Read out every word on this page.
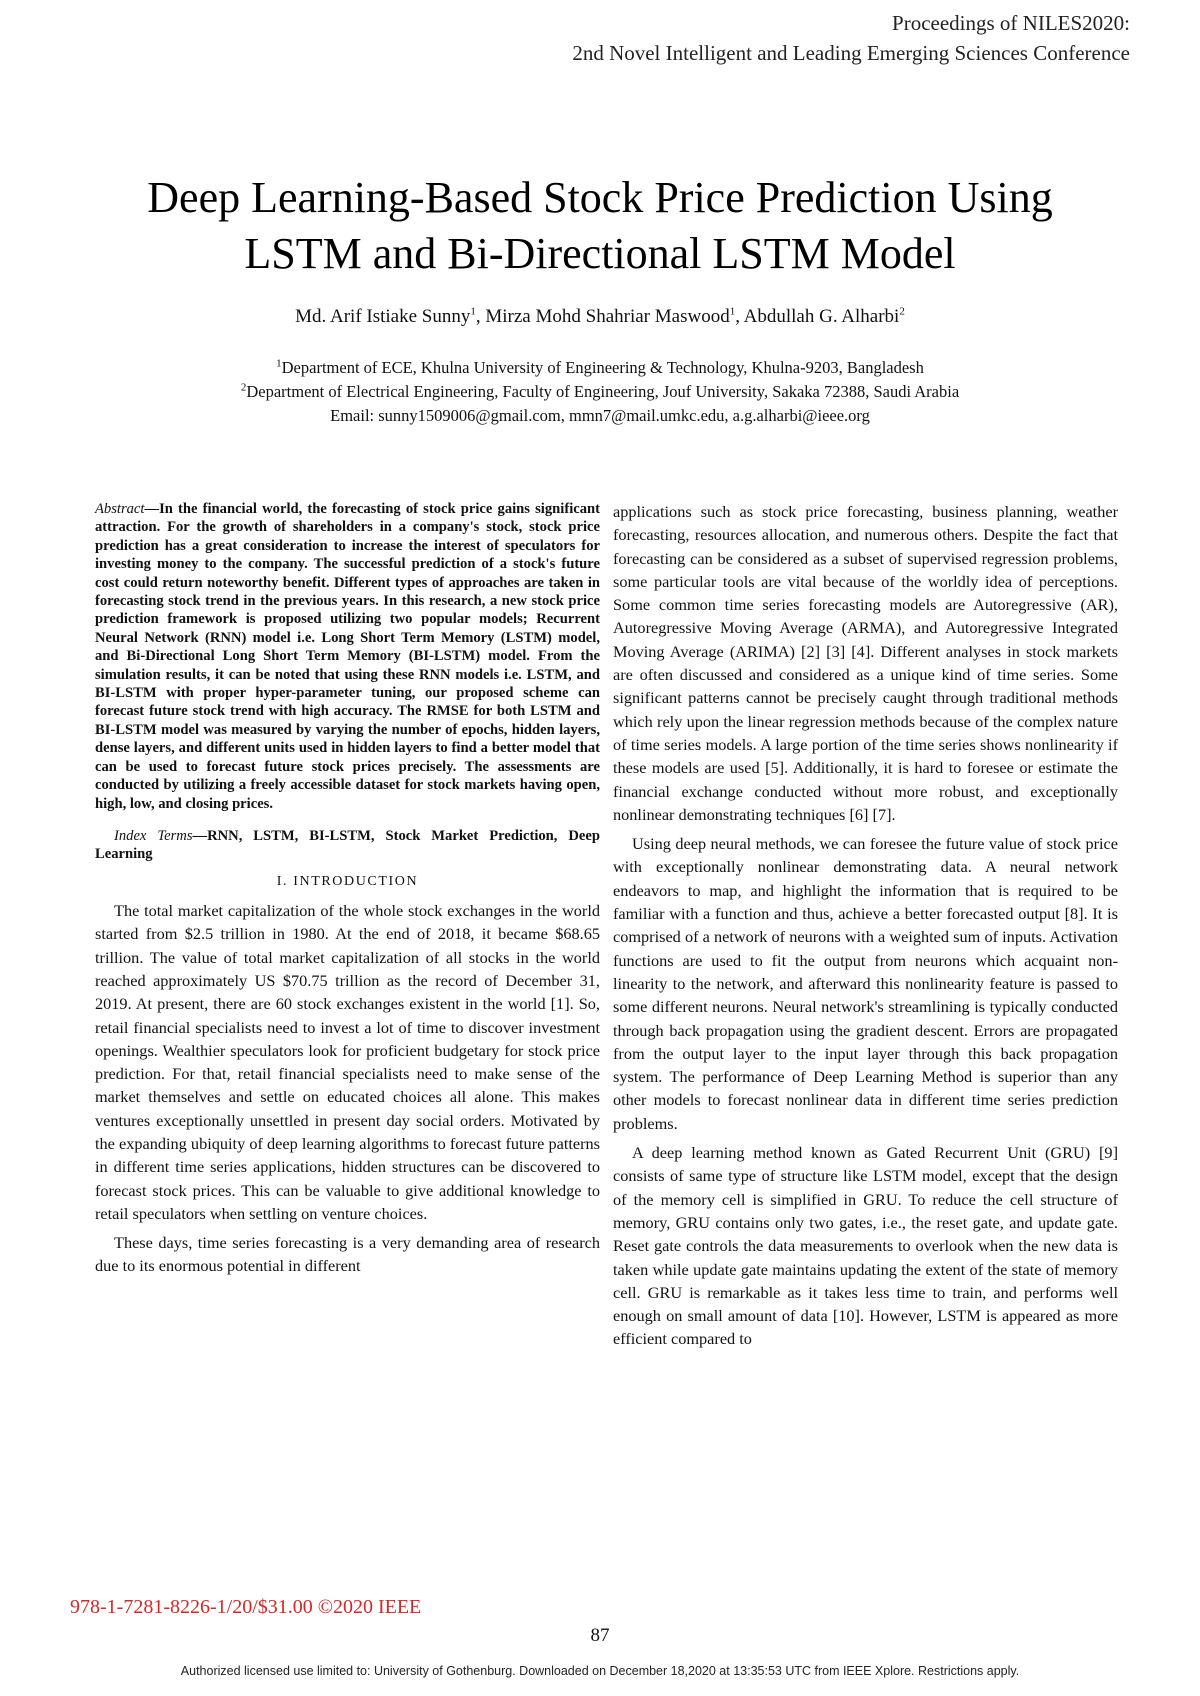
Proceedings of NILES2020:
2nd Novel Intelligent and Leading Emerging Sciences Conference
Deep Learning-Based Stock Price Prediction Using
LSTM and Bi-Directional LSTM Model
Md. Arif Istiake Sunny$^1$, Mirza Mohd Shahriar Maswood$^1$, Abdullah G. Alharbi$^2$
$^1$Department of ECE, Khulna University of Engineering & Technology, Khulna-9203, Bangladesh
$^2$Department of Electrical Engineering, Faculty of Engineering, Jouf University, Sakaka 72388, Saudi Arabia
Email: sunny1509006@gmail.com, mmn7@mail.umkc.edu, a.g.alharbi@ieee.org

Abstract—In the financial world, the forecasting of stock price gains significant attraction. For the growth of shareholders in a company's stock, stock price prediction has a great consideration to increase the interest of speculators for investing money to the company. The successful prediction of a stock's future cost could return noteworthy benefit. Different types of approaches are taken in forecasting stock trend in the previous years. In this research, a new stock price prediction framework is proposed utilizing two popular models; Recurrent Neural Network (RNN) model i.e. Long Short Term Memory (LSTM) model, and Bi-Directional Long Short Term Memory (BI-LSTM) model. From the simulation results, it can be noted that using these RNN models i.e. LSTM, and BI-LSTM with proper hyper-parameter tuning, our proposed scheme can forecast future stock trend with high accuracy. The RMSE for both LSTM and BI-LSTM model was measured by varying the number of epochs, hidden layers, dense layers, and different units used in hidden layers to find a better model that can be used to forecast future stock prices precisely. The assessments are conducted by utilizing a freely accessible dataset for stock markets having open, high, low, and closing prices.

Index Terms—RNN, LSTM, BI-LSTM, Stock Market Prediction, Deep Learning

I. INTRODUCTION

The total market capitalization of the whole stock exchanges in the world started from $2.5 trillion in 1980. At the end of 2018, it became $68.65 trillion. The value of total market capitalization of all stocks in the world reached approximately US $70.75 trillion as the record of December 31, 2019. At present, there are 60 stock exchanges existent in the world [1]. So, retail financial specialists need to invest a lot of time to discover investment openings. Wealthier speculators look for proficient budgetary for stock price prediction. For that, retail financial specialists need to make sense of the market themselves and settle on educated choices all alone. This makes ventures exceptionally unsettled in present day social orders. Motivated by the expanding ubiquity of deep learning algorithms to forecast future patterns in different time series applications, hidden structures can be discovered to forecast stock prices. This can be valuable to give additional knowledge to retail speculators when settling on venture choices.

These days, time series forecasting is a very demanding area of research due to its enormous potential in different

applications such as stock price forecasting, business planning, weather forecasting, resources allocation, and numerous others. Despite the fact that forecasting can be considered as a subset of supervised regression problems, some particular tools are vital because of the worldly idea of perceptions. Some common time series forecasting models are Autoregressive (AR), Autoregressive Moving Average (ARMA), and Autoregressive Integrated Moving Average (ARIMA) [2] [3] [4]. Different analyses in stock markets are often discussed and considered as a unique kind of time series. Some significant patterns cannot be precisely caught through traditional methods which rely upon the linear regression methods because of the complex nature of time series models. A large portion of the time series shows nonlinearity if these models are used [5]. Additionally, it is hard to foresee or estimate the financial exchange conducted without more robust, and exceptionally nonlinear demonstrating techniques [6] [7].

Using deep neural methods, we can foresee the future value of stock price with exceptionally nonlinear demonstrating data. A neural network endeavors to map, and highlight the information that is required to be familiar with a function and thus, achieve a better forecasted output [8]. It is comprised of a network of neurons with a weighted sum of inputs. Activation functions are used to fit the output from neurons which acquaint non-linearity to the network, and afterward this nonlinearity feature is passed to some different neurons. Neural network's streamlining is typically conducted through back propagation using the gradient descent. Errors are propagated from the output layer to the input layer through this back propagation system. The performance of Deep Learning Method is superior than any other models to forecast nonlinear data in different time series prediction problems.

A deep learning method known as Gated Recurrent Unit (GRU) [9] consists of same type of structure like LSTM model, except that the design of the memory cell is simplified in GRU. To reduce the cell structure of memory, GRU contains only two gates, i.e., the reset gate, and update gate. Reset gate controls the data measurements to overlook when the new data is taken while update gate maintains updating the extent of the state of memory cell. GRU is remarkable as it takes less time to train, and performs well enough on small amount of data [10]. However, LSTM is appeared as more efficient compared to

978-1-7281-8226-1/20/$31.00 ©2020 IEEE
87
Authorized licensed use limited to: University of Gothenburg. Downloaded on December 18,2020 at 13:35:53 UTC from IEEE Xplore. Restrictions apply.
